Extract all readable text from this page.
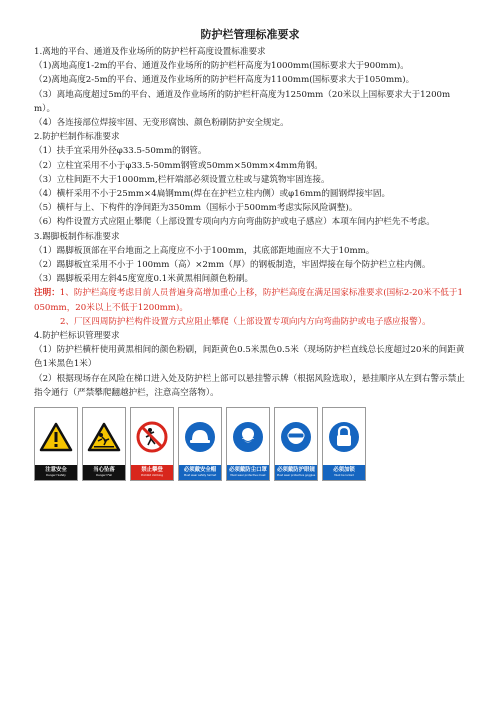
防护栏管理标准要求

1.离地的平台、通道及作业场所的防护栏杆高度设置标准要求

（1)离地高度1-2m的平台、通道及作业场所的防护栏杆高度为1000mm(国标要求大于900mm)。

（2)离地高度2-5m的平台、通道及作业场所的防护栏杆高度为1100mm(国标要求大于1050mm)。

（3）离地高度超过5m的平台、通道及作业场所的防护栏杆高度为1250mm（20米以上国标要求大于1200mm）。

（4）各连接部位焊接牢固、无变形腐蚀、颜色粉刷防护安全规定。

2.防护栏制作标准要求

（1）扶手宜采用外径φ33.5-50mm的钢管。

（2）立柱宜采用不小于φ33.5-50mm钢管或50mm×50mm×4mm角钢。

（3）立柱间距不大于1000mm,栏杆端部必须设置立柱或与建筑物牢固连接。

（4）横杆采用不小于25mm×4扁钢mm(焊在在护栏立柱内侧）或φ16mm的圆钢焊接牢固。

（5）横杆与上、下构件的净间距为350mm（国标小于500mm考虑实际风险调整)。

（6）构件设置方式应阻止攀爬（上部设置专项向内方向弯曲防护或电子感应）本项车间内护栏先不考虑。

3.踢脚板制作标准要求

（1）踢脚板顶部在平台地面之上高度应不小于100mm，其底部距地面应不大于10mm。

（2）踢脚板宜采用不小于 100mm（高）×2mm（厚）的钢板制造，牢固焊接在每个防护栏立柱内侧。

（3）踢脚板采用左斜45度宽度0.1米黄黑相间颜色粉刷。

注明：1、防护栏高度考虑目前人员普遍身高增加重心上移，防护栏高度在满足国家标准要求(国标2-20米不低于1050mm，20米以上不低于1200mm)。

2、厂区四周防护栏构件设置方式应阻止攀爬（上部设置专项向内方向弯曲防护或电子感应报警）。

4.防护栏标识管理要求

（1）防护栏横杆使用黄黑相间的颜色粉刷，间距黄色0.5米黑色0.5米（现场防护栏直线总长度超过20米的间距黄色1米黑色1米）

（2）根据现场存在风险在梯口进入处及防护栏上部可以悬挂警示牌（根据风险选取），悬挂顺序从左到右警示禁止指令通行（严禁攀爬翻越护栏，注意高空落物）。

注意安全
Danger! Safety
当心坠落
Danger! Fall
禁止攀登
Prohibit climbing
必须戴安全帽
Must wear safety helmet
必须戴防尘口罩
Must wear protective mask
必须戴防护眼镜
Must wear protective goggles
必须加锁
Must be locked
